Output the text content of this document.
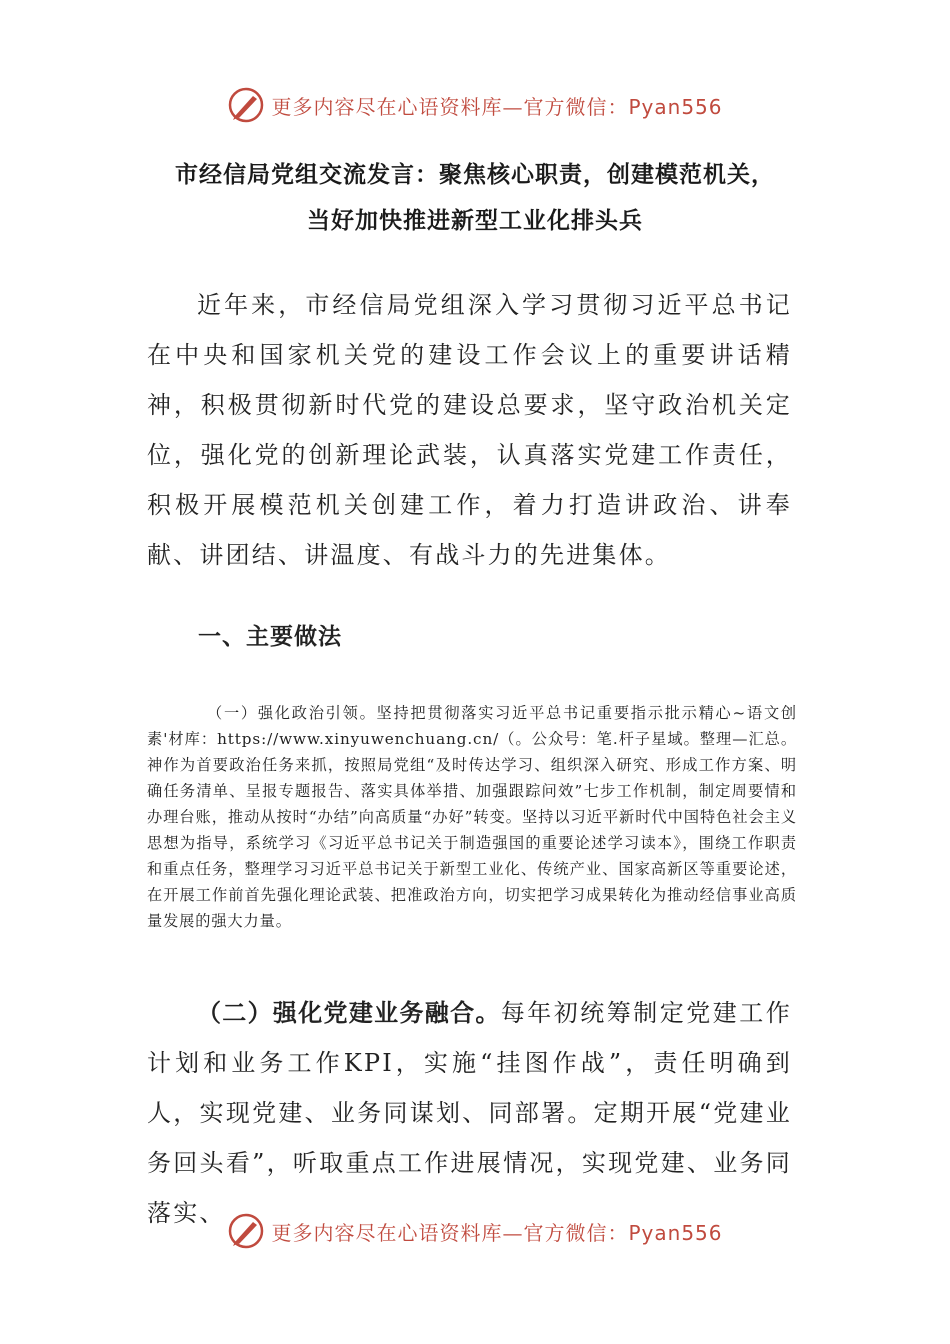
更多内容尽在心语资料库—官方微信：Pyan556
市经信局党组交流发言：聚焦核心职责，创建模范机关，
当好加快推进新型工业化排头兵

近年来，市经信局党组深入学习贯彻习近平总书记在中央和国家机关党的建设工作会议上的重要讲话精神，积极贯彻新时代党的建设总要求，坚守政治机关定位，强化党的创新理论武装，认真落实党建工作责任，积极开展模范机关创建工作，着力打造讲政治、讲奉献、讲团结、讲温度、有战斗力的先进集体。

一、主要做法

（一）强化政治引领。坚持把贯彻落实习近平总书记重要指示批示精心~语文创素'材库：https://www.xinyuwenchuang.cn/（。公众号：笔.杆子星域。整理—汇总。神作为首要政治任务来抓，按照局党组“及时传达学习、组织深入研究、形成工作方案、明确任务清单、呈报专题报告、落实具体举措、加强跟踪问效”七步工作机制，制定周要情和办理台账，推动从按时“办结”向高质量“办好”转变。坚持以习近平新时代中国特色社会主义思想为指导，系统学习《习近平总书记关于制造强国的重要论述学习读本》，围绕工作职责和重点任务，整理学习习近平总书记关于新型工业化、传统产业、国家高新区等重要论述，在开展工作前首先强化理论武装、把准政治方向，切实把学习成果转化为推动经信事业高质量发展的强大力量。

（二）强化党建业务融合。每年初统筹制定党建工作计划和业务工作KPI，实施“挂图作战”，责任明确到人，实现党建、业务同谋划、同部署。定期开展“党建业务回头看”，听取重点工作进展情况，实现党建、业务同落实、

更多内容尽在心语资料库—官方微信：Pyan556
